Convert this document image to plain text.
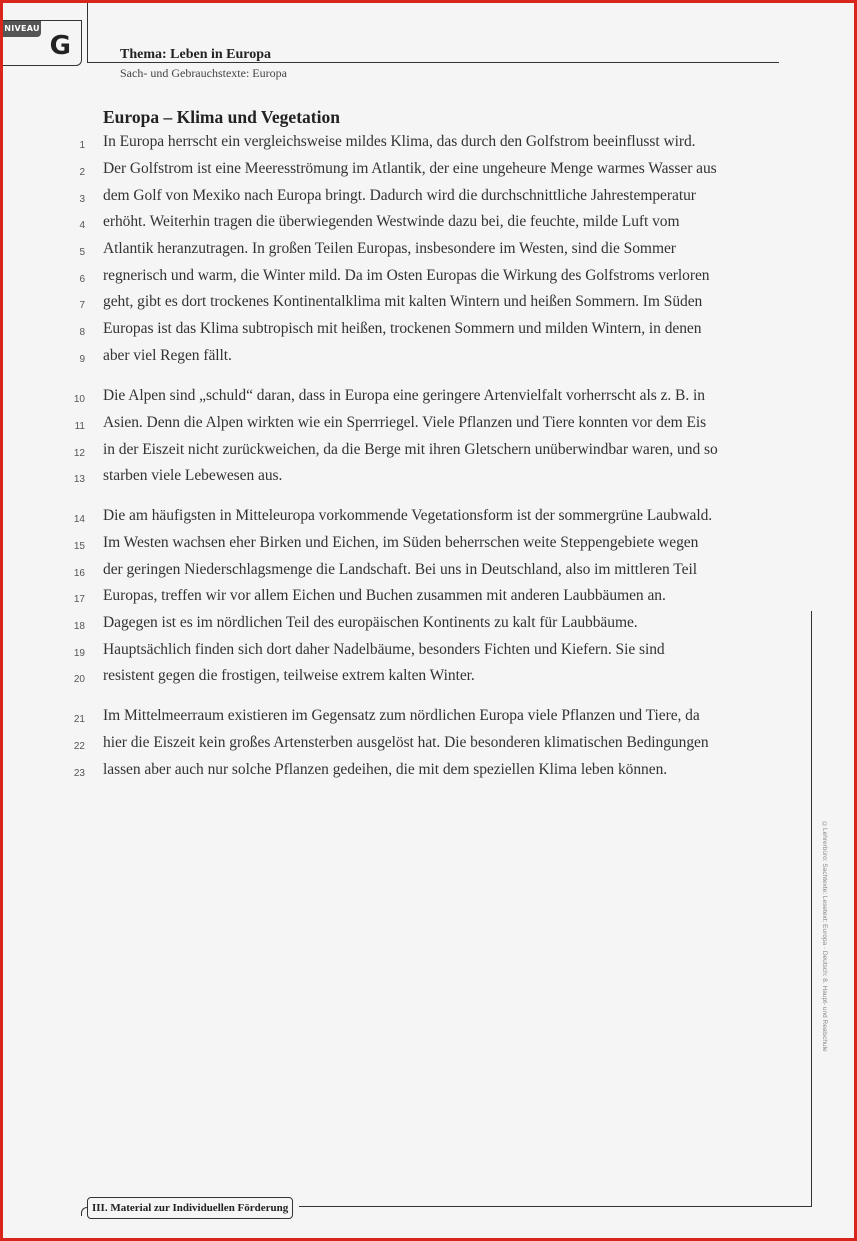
NIVEAU
G	Thema: Leben in Europa
Sach- und Gebrauchstexte: Europa
Europa – Klima und Vegetation
1 In Europa herrscht ein vergleichsweise mildes Klima, das durch den Golfstrom beeinflusst wird.
2 Der Golfstrom ist eine Meeresströmung im Atlantik, der eine ungeheure Menge warmes Wasser aus
3 dem Golf von Mexiko nach Europa bringt. Dadurch wird die durchschnittliche Jahrestemperatur
4 erhöht. Weiterhin tragen die überwiegenden Westwinde dazu bei, die feuchte, milde Luft vom
5 Atlantik heranzutragen. In großen Teilen Europas, insbesondere im Westen, sind die Sommer
6 regnerisch und warm, die Winter mild. Da im Osten Europas die Wirkung des Golfstroms verloren
7 geht, gibt es dort trockenes Kontinentalklima mit kalten Wintern und heißen Sommern. Im Süden
8 Europas ist das Klima subtropisch mit heißen, trockenen Sommern und milden Wintern, in denen
9 aber viel Regen fällt.
10 Die Alpen sind „schuld“ daran, dass in Europa eine geringere Artenvielfalt vorherrscht als z. B. in
11 Asien. Denn die Alpen wirkten wie ein Sperrriegel. Viele Pflanzen und Tiere konnten vor dem Eis
12 in der Eiszeit nicht zurückweichen, da die Berge mit ihren Gletschern unüberwindbar waren, und so
13 starben viele Lebewesen aus.
14 Die am häufigsten in Mitteleuropa vorkommende Vegetationsform ist der sommergrüne Laubwald.
15 Im Westen wachsen eher Birken und Eichen, im Süden beherrschen weite Steppengebiete wegen
16 der geringen Niederschlagsmenge die Landschaft. Bei uns in Deutschland, also im mittleren Teil
17 Europas, treffen wir vor allem Eichen und Buchen zusammen mit anderen Laubbäumen an.
18 Dagegen ist es im nördlichen Teil des europäischen Kontinents zu kalt für Laubbäume.
19 Hauptsächlich finden sich dort daher Nadelbäume, besonders Fichten und Kiefern. Sie sind
20 resistent gegen die frostigen, teilweise extrem kalten Winter.
21 Im Mittelmeerraum existieren im Gegensatz zum nördlichen Europa viele Pflanzen und Tiere, da
22 hier die Eiszeit kein großes Artensterben ausgelöst hat. Die besonderen klimatischen Bedingungen
23 lassen aber auch nur solche Pflanzen gedeihen, die mit dem speziellen Klima leben können.
©Lehrerbüro: Sachtexte: Lesetext: Europa · Deutsch: 8. Haupt- und Realschule
III. Material zur Individuellen Förderung
